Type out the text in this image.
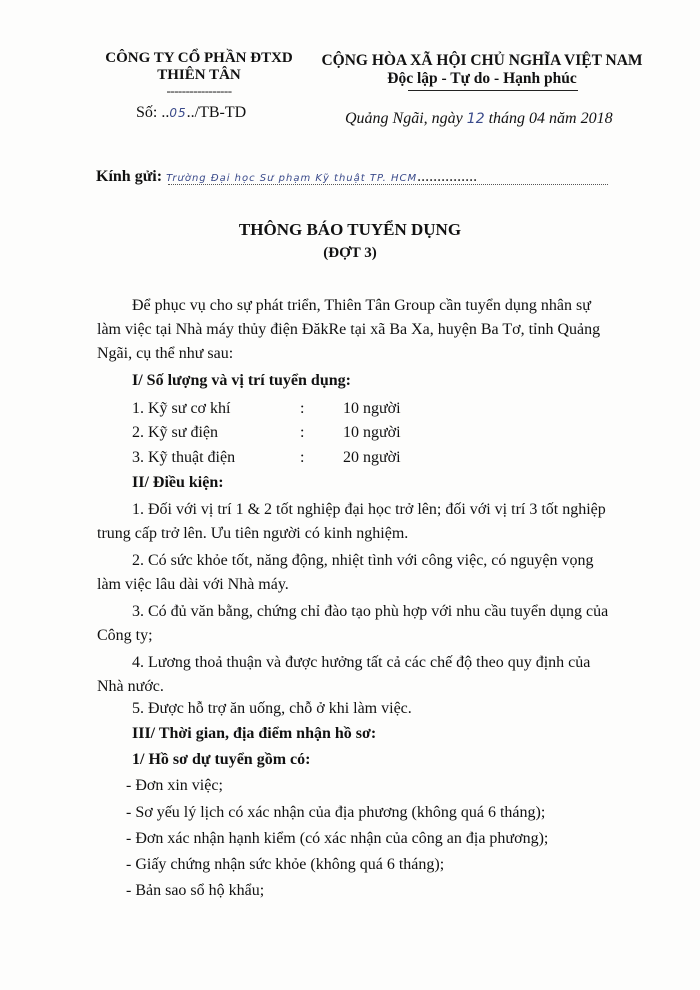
CÔNG TY CỔ PHẦN ĐTXD
THIÊN TÂN
-----------------
Số: ..05../TB-TD
CỘNG HÒA XÃ HỘI CHỦ NGHĨA VIỆT NAM
Độc lập - Tự do - Hạnh phúc
Quảng Ngãi, ngày 12 tháng 04 năm 2018
Kính gửi: Trường Đại học Sư phạm Kỹ thuật TP. HCM...............
THÔNG BÁO TUYỂN DỤNG
(ĐỢT 3)
Để phục vụ cho sự phát triển, Thiên Tân Group cần tuyển dụng nhân sự
làm việc tại Nhà máy thủy điện ĐăkRe tại xã Ba Xa, huyện Ba Tơ, tỉnh Quảng
Ngãi, cụ thể như sau:
I/ Số lượng và vị trí tuyển dụng:
1. Kỹ sư cơ khí	: 10 người
2. Kỹ sư điện	: 10 người
3. Kỹ thuật điện	: 20 người
II/ Điều kiện:
1. Đối với vị trí 1 & 2 tốt nghiệp đại học trở lên; đối với vị trí 3 tốt nghiệp
trung cấp trở lên. Ưu tiên người có kinh nghiệm.
2. Có sức khỏe tốt, năng động, nhiệt tình với công việc, có nguyện vọng
làm việc lâu dài với Nhà máy.
3. Có đủ văn bằng, chứng chỉ đào tạo phù hợp với nhu cầu tuyển dụng của
Công ty;
4. Lương thoả thuận và được hưởng tất cả các chế độ theo quy định của
Nhà nước.
5. Được hỗ trợ ăn uống, chỗ ở khi làm việc.
III/ Thời gian, địa điểm nhận hồ sơ:
1/ Hồ sơ dự tuyển gồm có:
- Đơn xin việc;
- Sơ yếu lý lịch có xác nhận của địa phương (không quá 6 tháng);
- Đơn xác nhận hạnh kiểm (có xác nhận của công an địa phương);
- Giấy chứng nhận sức khỏe (không quá 6 tháng);
- Bản sao sổ hộ khẩu;
